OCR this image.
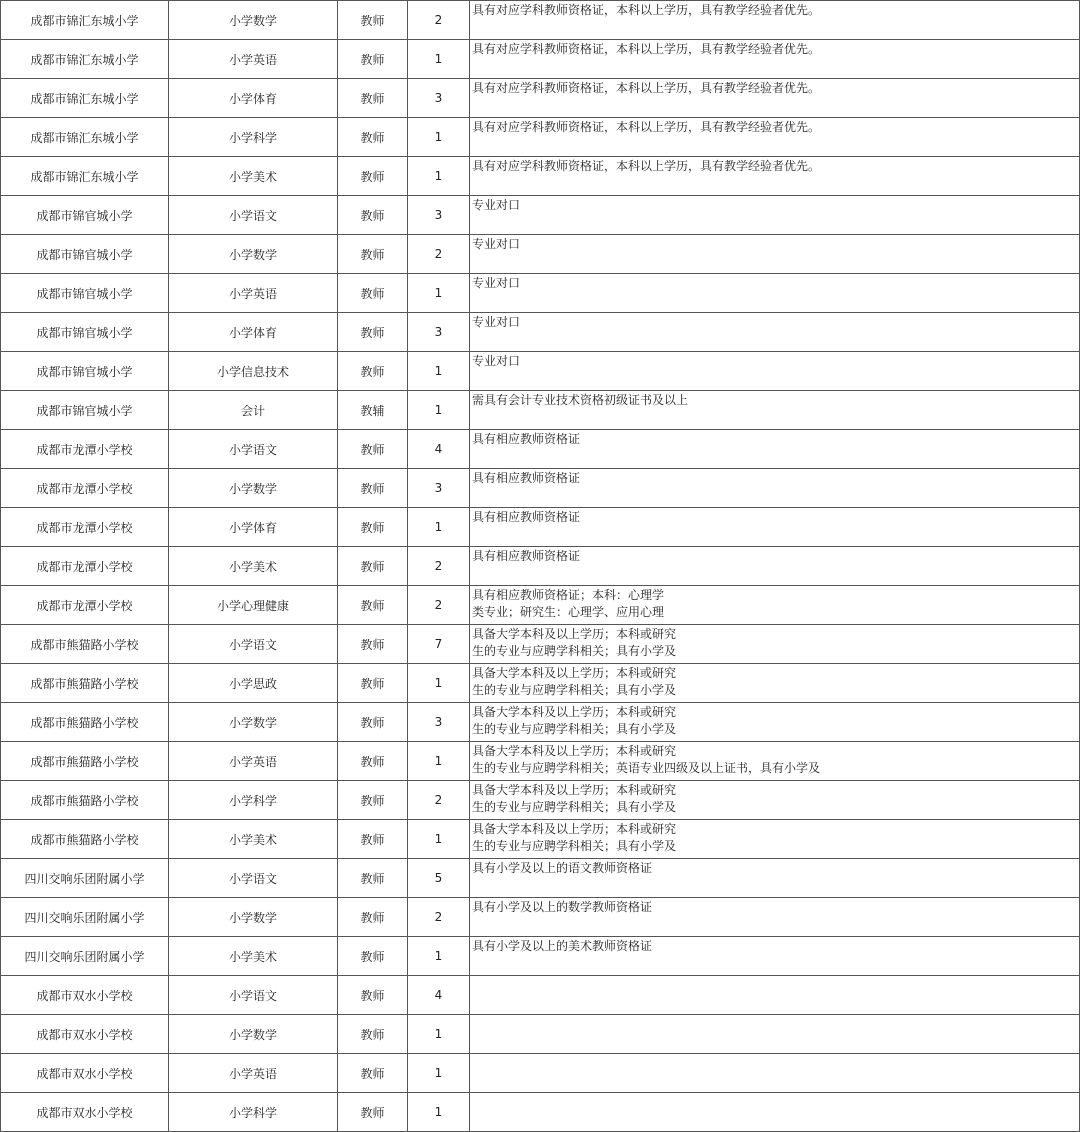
成都市锦汇东城小学	小学数学	教师	2	具有对应学科教师资格证，本科以上学历，具有教学经验者优先。

成都市锦汇东城小学	小学英语	教师	1	具有对应学科教师资格证，本科以上学历，具有教学经验者优先。

成都市锦汇东城小学	小学体育	教师	3	具有对应学科教师资格证，本科以上学历，具有教学经验者优先。

成都市锦汇东城小学	小学科学	教师	1	具有对应学科教师资格证，本科以上学历，具有教学经验者优先。

成都市锦汇东城小学	小学美术	教师	1	具有对应学科教师资格证，本科以上学历，具有教学经验者优先。

成都市锦官城小学	小学语文	教师	3	专业对口

成都市锦官城小学	小学数学	教师	2	专业对口

成都市锦官城小学	小学英语	教师	1	专业对口

成都市锦官城小学	小学体育	教师	3	专业对口

成都市锦官城小学	小学信息技术	教师	1	专业对口

成都市锦官城小学	会计	教辅	1	需具有会计专业技术资格初级证书及以上

成都市龙潭小学校	小学语文	教师	4	具有相应教师资格证

成都市龙潭小学校	小学数学	教师	3	具有相应教师资格证

成都市龙潭小学校	小学体育	教师	1	具有相应教师资格证

成都市龙潭小学校	小学美术	教师	2	具有相应教师资格证

成都市龙潭小学校	小学心理健康	教师	2	具有相应教师资格证；本科：心理学
类专业；研究生：心理学、应用心理

成都市熊猫路小学校	小学语文	教师	7	具备大学本科及以上学历；本科或研究
生的专业与应聘学科相关；具有小学及

成都市熊猫路小学校	小学思政	教师	1	具备大学本科及以上学历；本科或研究
生的专业与应聘学科相关；具有小学及

成都市熊猫路小学校	小学数学	教师	3	具备大学本科及以上学历；本科或研究
生的专业与应聘学科相关；具有小学及

成都市熊猫路小学校	小学英语	教师	1	具备大学本科及以上学历；本科或研究
生的专业与应聘学科相关；英语专业四级及以上证书，具有小学及

成都市熊猫路小学校	小学科学	教师	2	具备大学本科及以上学历；本科或研究
生的专业与应聘学科相关；具有小学及

成都市熊猫路小学校	小学美术	教师	1	具备大学本科及以上学历；本科或研究
生的专业与应聘学科相关；具有小学及

四川交响乐团附属小学	小学语文	教师	5	具有小学及以上的语文教师资格证

四川交响乐团附属小学	小学数学	教师	2	具有小学及以上的数学教师资格证

四川交响乐团附属小学	小学美术	教师	1	具有小学及以上的美术教师资格证

成都市双水小学校	小学语文	教师	4	

成都市双水小学校	小学数学	教师	1	

成都市双水小学校	小学英语	教师	1	

成都市双水小学校	小学科学	教师	1	
